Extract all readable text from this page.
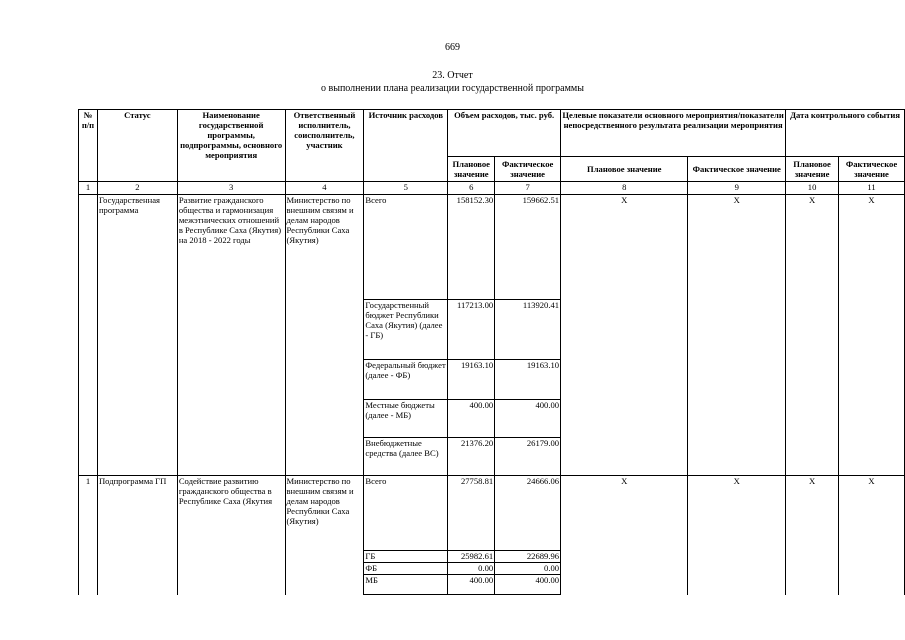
669
23. Отчет
о выполнении плана реализации государственной программы
№ п/п	Статус	Наименование государственной программы, подпрограммы, основного мероприятия	Ответственный исполнитель, соисполнитель, участник	Источник расходов	Объем расходов, тыс. руб.		Целевые показатели основного мероприятия/показатели непосредственного результата реализации мероприятия		Дата контрольного события	
					Плановое значение	Фактическое значение	Плановое значение	Фактическое значение	Плановое значение	Фактическое значение
1	2	3	4	5	6	7	8	9	10	11
	Государственная программа	Развитие гражданского общества и гармонизация межэтнических отношений в Республике Саха (Якутия) на 2018 - 2022 годы	Министерство по внешним связям и делам народов Республики Саха (Якутия)	Всего	158152.30	159662.51	Х	Х	Х	Х
				Государственный бюджет Республики Саха (Якутия) (далее - ГБ)	117213.00	113920.41				
				Федеральный бюджет (далее - ФБ)	19163.10	19163.10				
				Местные бюджеты (далее - МБ)	400.00	400.00				
				Внебюджетные средства (далее ВС)	21376.20	26179.00				
1	Подпрограмма ГП	Содействие развитию гражданского общества в Республике Саха (Якутия	Министерство по внешним связям и делам народов Республики Саха (Якутия)	Всего	27758.81	24666.06	Х	Х	Х	Х
				ГБ	25982.61	22689.96				
				ФБ	0.00	0.00				
				МБ	400.00	400.00				
